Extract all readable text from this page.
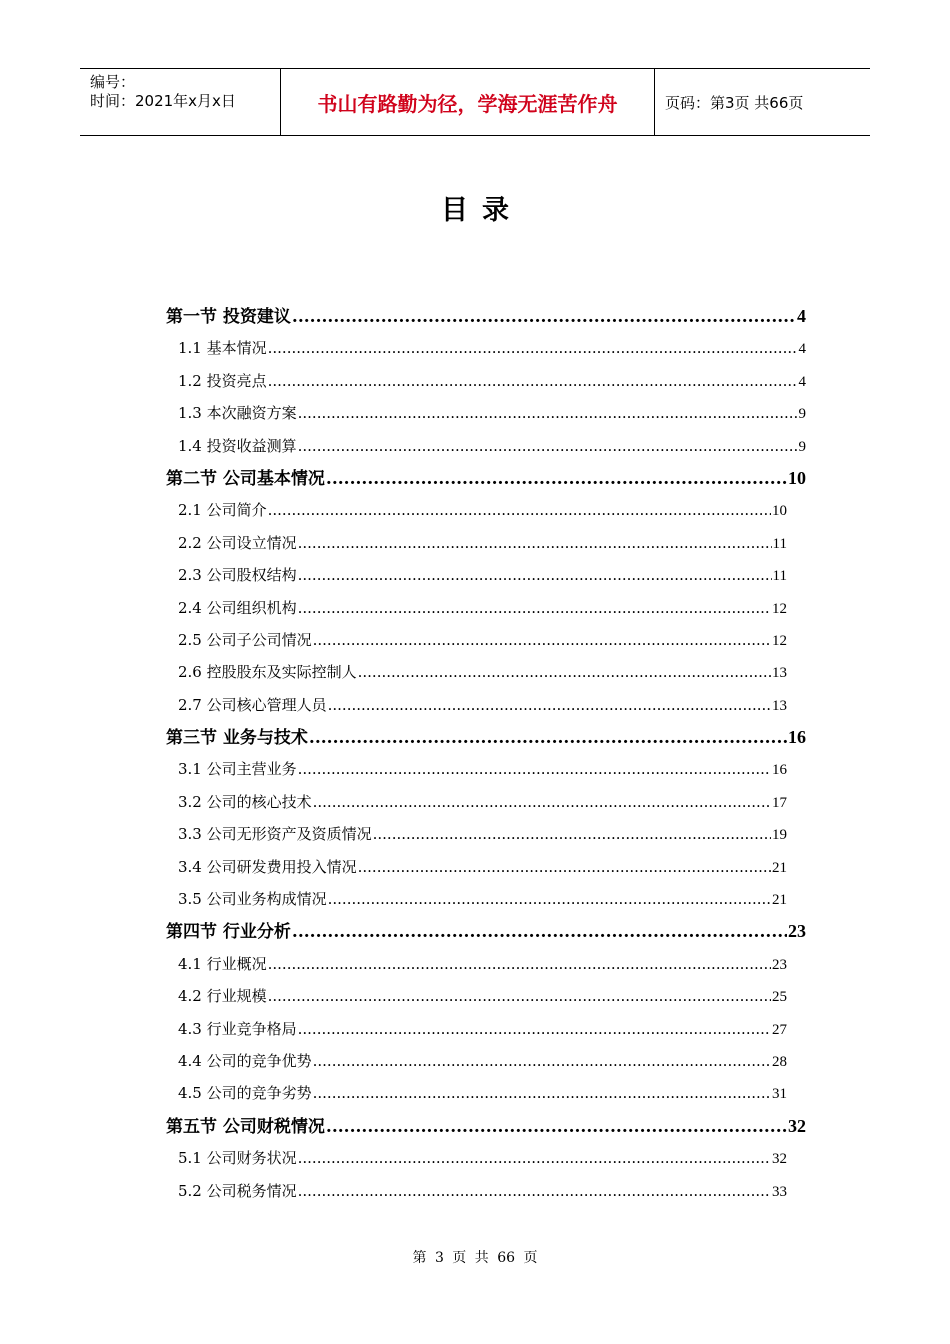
编号：
时间：2021年x月x日	书山有路勤为径，学海无涯苦作舟	页码：第3页 共66页
目录
第一节 投资建议 .....	4
1.1 基本情况 .....	4
1.2 投资亮点 .....	4
1.3 本次融资方案 .....	9
1.4 投资收益测算 .....	9
第二节 公司基本情况 .....	10
2.1 公司简介 .....	10
2.2 公司设立情况 .....	11
2.3 公司股权结构 .....	11
2.4 公司组织机构 .....	12
2.5 公司子公司情况 .....	12
2.6 控股股东及实际控制人 .....	13
2.7 公司核心管理人员 .....	13
第三节 业务与技术 .....	16
3.1 公司主营业务 .....	16
3.2 公司的核心技术 .....	17
3.3 公司无形资产及资质情况 .....	19
3.4 公司研发费用投入情况 .....	21
3.5 公司业务构成情况 .....	21
第四节 行业分析 .....	23
4.1 行业概况 .....	23
4.2 行业规模 .....	25
4.3 行业竞争格局 .....	27
4.4 公司的竞争优势 .....	28
4.5 公司的竞争劣势 .....	31
第五节 公司财税情况 .....	32
5.1 公司财务状况 .....	32
5.2 公司税务情况 .....	33
第 3 页 共 66 页
